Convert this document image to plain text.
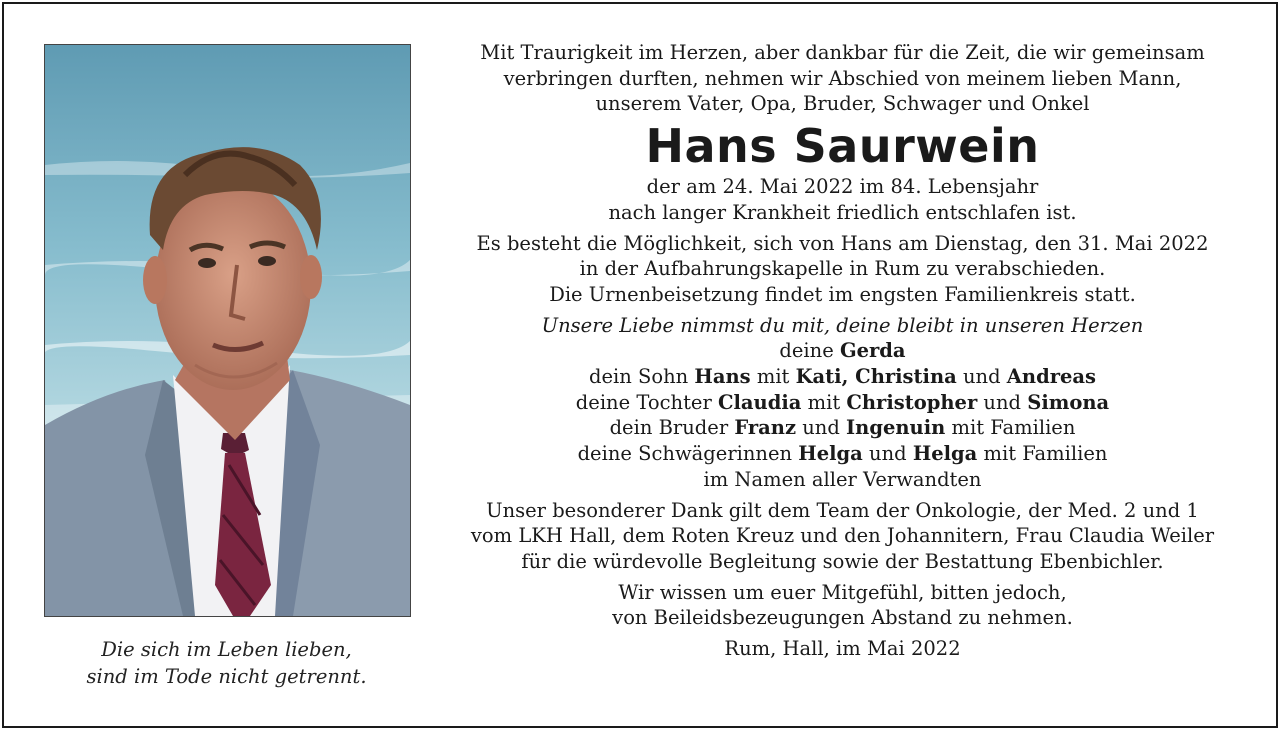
Die sich im Leben lieben,
sind im Tode nicht getrennt.
Mit Traurigkeit im Herzen, aber dankbar für die Zeit, die wir gemeinsam
verbringen durften, nehmen wir Abschied von meinem lieben Mann,
unserem Vater, Opa, Bruder, Schwager und Onkel
Hans Saurwein
der am 24. Mai 2022 im 84. Lebensjahr
nach langer Krankheit friedlich entschlafen ist.
Es besteht die Möglichkeit, sich von Hans am Dienstag, den 31. Mai 2022
in der Aufbahrungskapelle in Rum zu verabschieden.
Die Urnenbeisetzung findet im engsten Familienkreis statt.
Unsere Liebe nimmst du mit, deine bleibt in unseren Herzen
deine Gerda
dein Sohn Hans mit Kati, Christina und Andreas
deine Tochter Claudia mit Christopher und Simona
dein Bruder Franz und Ingenuin mit Familien
deine Schwägerinnen Helga und Helga mit Familien
im Namen aller Verwandten
Unser besonderer Dank gilt dem Team der Onkologie, der Med. 2 und 1
vom LKH Hall, dem Roten Kreuz und den Johannitern, Frau Claudia Weiler
für die würdevolle Begleitung sowie der Bestattung Ebenbichler.
Wir wissen um euer Mitgefühl, bitten jedoch,
von Beileidsbezeugungen Abstand zu nehmen.
Rum, Hall, im Mai 2022
